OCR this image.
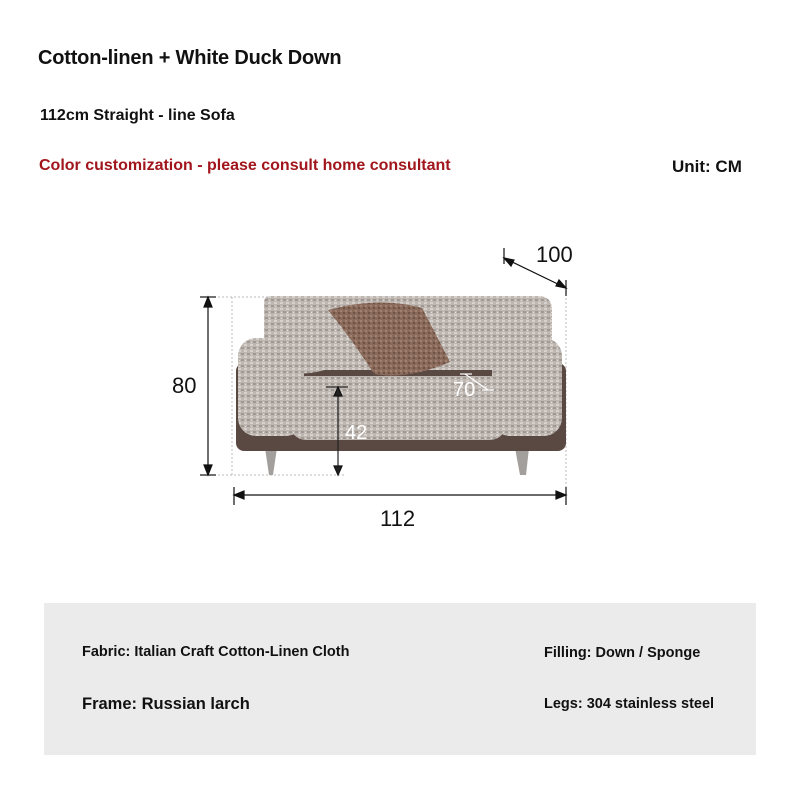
Cotton-linen + White Duck Down
112cm Straight - line Sofa
Color customization - please consult home consultant	Unit: CM
100
80	70
42
112
Fabric: Italian Craft Cotton-Linen Cloth	Filling: Down / Sponge
Frame: Russian larch	Legs: 304 stainless steel
